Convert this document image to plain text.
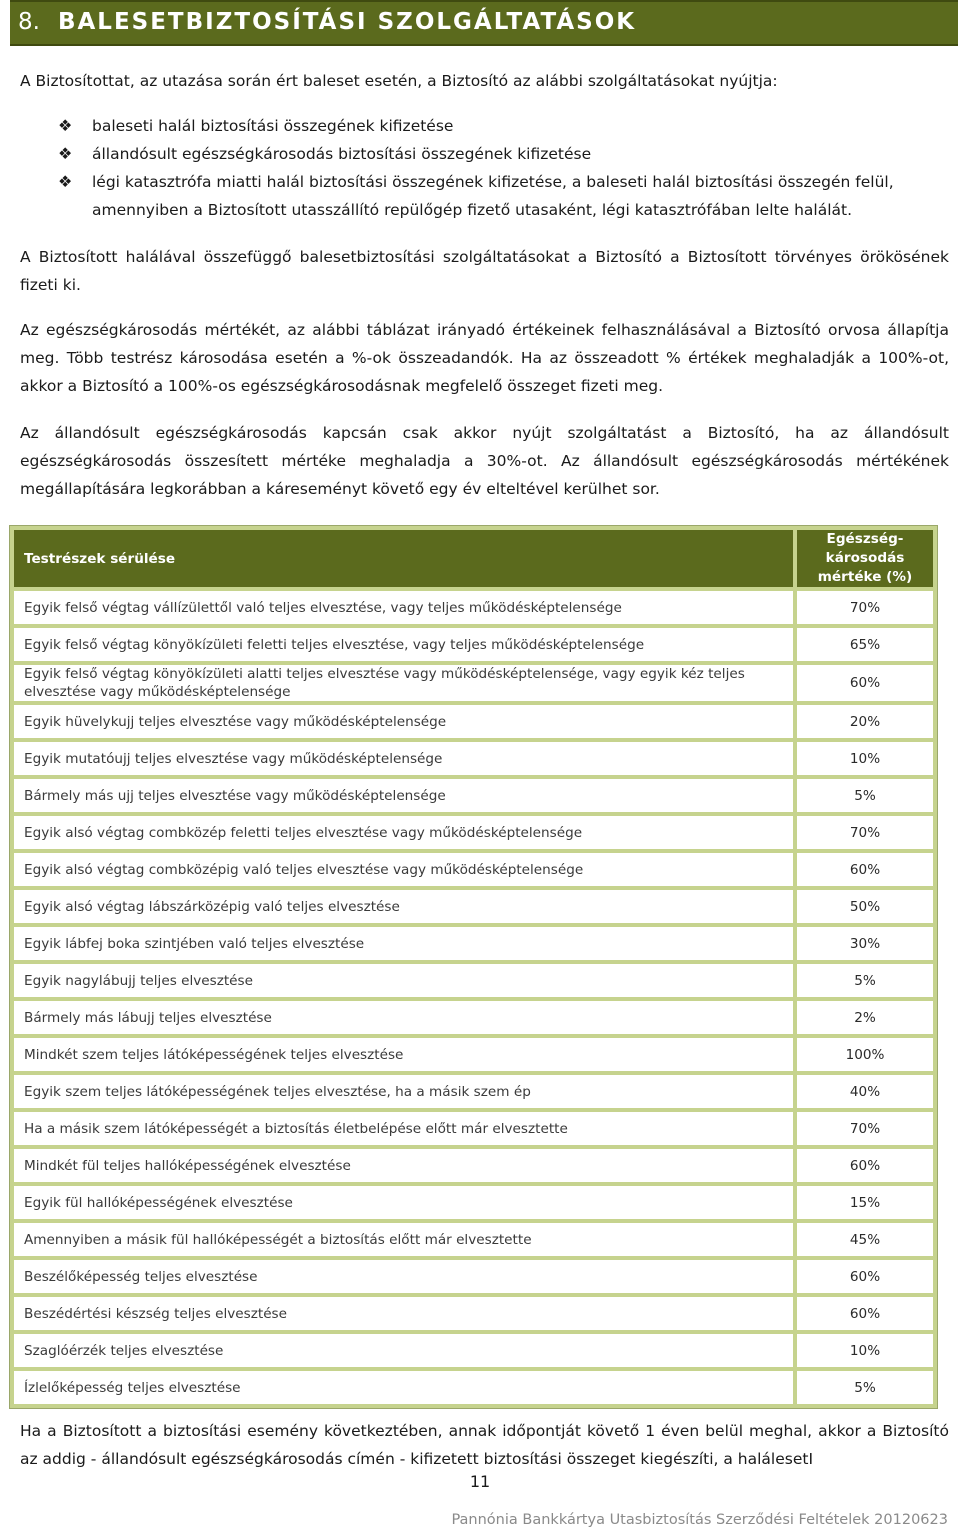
8. BALESETBIZTOSÍTÁSI SZOLGÁLTATÁSOK
A Biztosítottat, az utazása során ért baleset esetén, a Biztosító az alábbi szolgáltatásokat nyújtja:
❖ baleseti halál biztosítási összegének kifizetése
❖ állandósult egészségkárosodás biztosítási összegének kifizetése
❖ légi katasztrófa miatti halál biztosítási összegének kifizetése, a baleseti halál biztosítási összegén felül, amennyiben a Biztosított utasszállító repülőgép fizető utasaként, légi katasztrófában lelte halálát.
A Biztosított halálával összefüggő balesetbiztosítási szolgáltatásokat a Biztosító a Biztosított törvényes örökösének fizeti ki.
Az egészségkárosodás mértékét, az alábbi táblázat irányadó értékeinek felhasználásával a Biztosító orvosa állapítja meg. Több testrész károsodása esetén a %-ok összeadandók. Ha az összeadott % értékek meghaladják a 100%-ot, akkor a Biztosító a 100%-os egészségkárosodásnak megfelelő összeget fizeti meg.
Az állandósult egészségkárosodás kapcsán csak akkor nyújt szolgáltatást a Biztosító, ha az állandósult egészségkárosodás összesített mértéke meghaladja a 30%-ot. Az állandósult egészségkárosodás mértékének megállapítására legkorábban a káreseményt követő egy év elteltével kerülhet sor.
Testrészek sérülése	Egészség-károsodás mértéke (%)
Egyik felső végtag vállízülettől való teljes elvesztése, vagy teljes működésképtelensége	70%
Egyik felső végtag könyökízületi feletti teljes elvesztése, vagy teljes működésképtelensége	65%
Egyik felső végtag könyökízületi alatti teljes elvesztése vagy működésképtelensége, vagy egyik kéz teljes elvesztése vagy működésképtelensége	60%
Egyik hüvelykujj teljes elvesztése vagy működésképtelensége	20%
Egyik mutatóujj teljes elvesztése vagy működésképtelensége	10%
Bármely más ujj teljes elvesztése vagy működésképtelensége	5%
Egyik alsó végtag combközép feletti teljes elvesztése vagy működésképtelensége	70%
Egyik alsó végtag combközépig való teljes elvesztése vagy működésképtelensége	60%
Egyik alsó végtag lábszárközépig való teljes elvesztése	50%
Egyik lábfej boka szintjében való teljes elvesztése	30%
Egyik nagylábujj teljes elvesztése	5%
Bármely más lábujj teljes elvesztése	2%
Mindkét szem teljes látóképességének teljes elvesztése	100%
Egyik szem teljes látóképességének teljes elvesztése, ha a másik szem ép	40%
Ha a másik szem látóképességét a biztosítás életbelépése előtt már elvesztette	70%
Mindkét fül teljes hallóképességének elvesztése	60%
Egyik fül hallóképességének elvesztése	15%
Amennyiben a másik fül hallóképességét a biztosítás előtt már elvesztette	45%
Beszélőképesség teljes elvesztése	60%
Beszédértési készség teljes elvesztése	60%
Szaglóérzék teljes elvesztése	10%
Ízlelőképesség teljes elvesztése	5%
Ha a Biztosított a biztosítási esemény következtében, annak időpontját követő 1 éven belül meghal, akkor a Biztosító az addig - állandósult egészségkárosodás címén - kifizetett biztosítási összeget kiegészíti, a halálesetI
11
Pannónia Bankkártya Utasbiztosítás Szerződési Feltételek 20120623
